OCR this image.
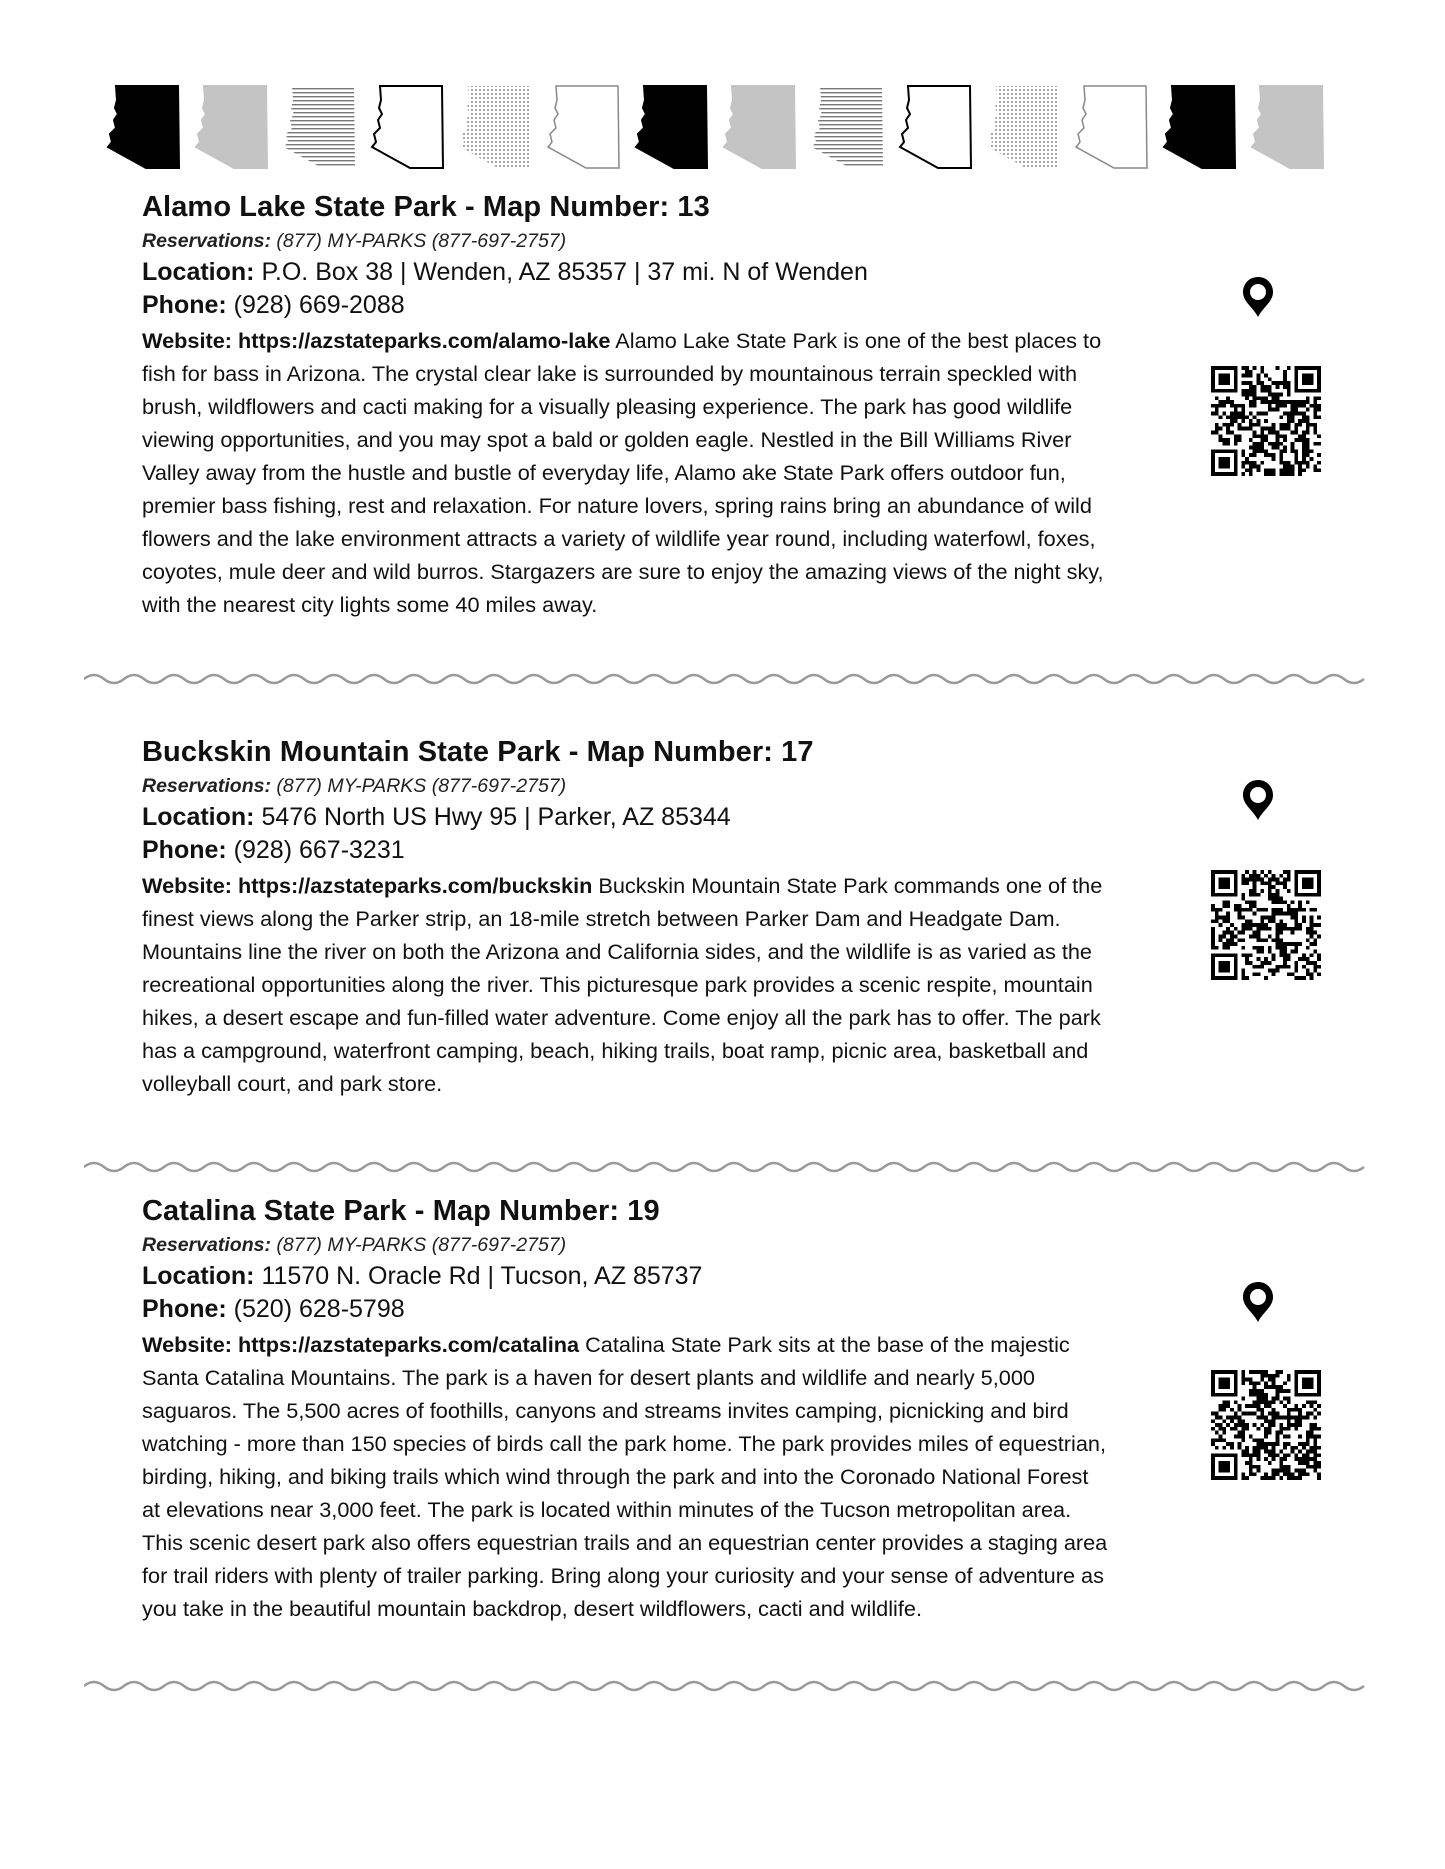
Alamo Lake State Park - Map Number: 13
Reservations: (877) MY-PARKS (877-697-2757)
Location: P.O. Box 38 | Wenden, AZ 85357 | 37 mi. N of Wenden
Phone: (928) 669-2088

Website: https://azstateparks.com/alamo-lake Alamo Lake State Park is one of the best places to fish for bass in Arizona. The crystal clear lake is surrounded by mountainous terrain speckled with brush, wildflowers and cacti making for a visually pleasing experience. The park has good wildlife viewing opportunities, and you may spot a bald or golden eagle. Nestled in the Bill Williams River Valley away from the hustle and bustle of everyday life, Alamo ake State Park offers outdoor fun, premier bass fishing, rest and relaxation. For nature lovers, spring rains bring an abundance of wild flowers and the lake environment attracts a variety of wildlife year round, including waterfowl, foxes, coyotes, mule deer and wild burros. Stargazers are sure to enjoy the amazing views of the night sky, with the nearest city lights some 40 miles away.

Buckskin Mountain State Park - Map Number: 17
Reservations: (877) MY-PARKS (877-697-2757)
Location: 5476 North US Hwy 95 | Parker, AZ 85344
Phone: (928) 667-3231

Website: https://azstateparks.com/buckskin Buckskin Mountain State Park commands one of the finest views along the Parker strip, an 18-mile stretch between Parker Dam and Headgate Dam. Mountains line the river on both the Arizona and California sides, and the wildlife is as varied as the recreational opportunities along the river. This picturesque park provides a scenic respite, mountain hikes, a desert escape and fun-filled water adventure. Come enjoy all the park has to offer. The park has a campground, waterfront camping, beach, hiking trails, boat ramp, picnic area, basketball and volleyball court, and park store.

Catalina State Park - Map Number: 19
Reservations: (877) MY-PARKS (877-697-2757)
Location: 11570 N. Oracle Rd | Tucson, AZ 85737
Phone: (520) 628-5798

Website: https://azstateparks.com/catalina Catalina State Park sits at the base of the majestic Santa Catalina Mountains. The park is a haven for desert plants and wildlife and nearly 5,000 saguaros. The 5,500 acres of foothills, canyons and streams invites camping, picnicking and bird watching - more than 150 species of birds call the park home. The park provides miles of equestrian, birding, hiking, and biking trails which wind through the park and into the Coronado National Forest at elevations near 3,000 feet. The park is located within minutes of the Tucson metropolitan area. This scenic desert park also offers equestrian trails and an equestrian center provides a staging area for trail riders with plenty of trailer parking. Bring along your curiosity and your sense of adventure as you take in the beautiful mountain backdrop, desert wildflowers, cacti and wildlife.
